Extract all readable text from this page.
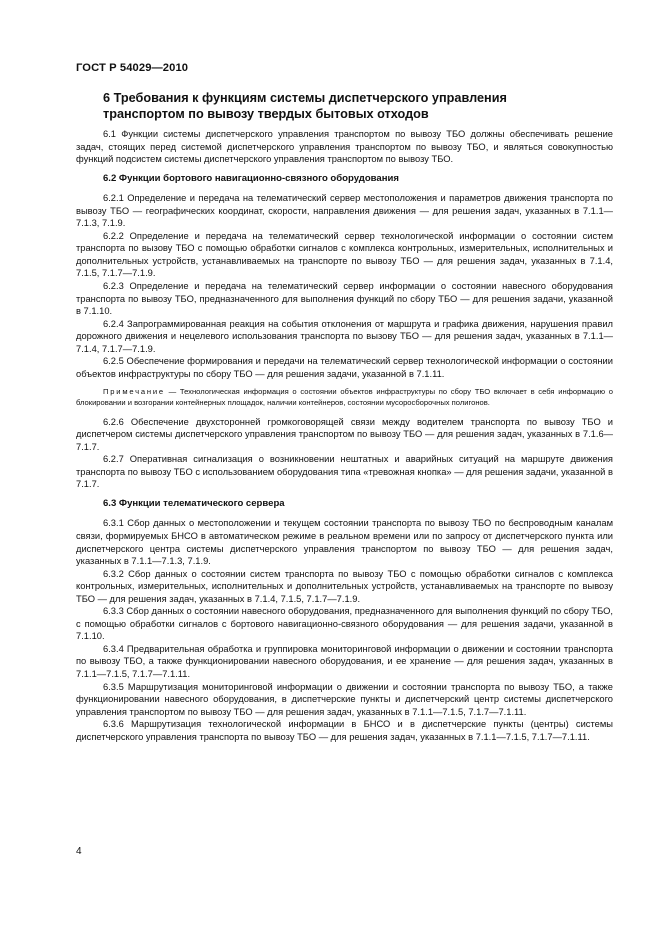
ГОСТ Р 54029—2010
6 Требования к функциям системы диспетчерского управления транспортом по вывозу твердых бытовых отходов

6.1 Функции системы диспетчерского управления транспортом по вывозу ТБО должны обеспечивать решение задач, стоящих перед системой диспетчерского управления транспортом по вывозу ТБО, и являться совокупностью функций подсистем системы диспетчерского управления транспортом по вывозу ТБО.

6.2 Функции бортового навигационно-связного оборудования

6.2.1 Определение и передача на телематический сервер местоположения и параметров движения транспорта по вывозу ТБО — географических координат, скорости, направления движения — для решения задач, указанных в 7.1.1—7.1.3, 7.1.9.

6.2.2 Определение и передача на телематический сервер технологической информации о состоянии систем транспорта по вызову ТБО с помощью обработки сигналов с комплекса контрольных, измерительных, исполнительных и дополнительных устройств, устанавливаемых на транспорте по вывозу ТБО — для решения задач, указанных в 7.1.4, 7.1.5, 7.1.7—7.1.9.

6.2.3 Определение и передача на телематический сервер информации о состоянии навесного оборудования транспорта по вывозу ТБО, предназначенного для выполнения функций по сбору ТБО — для решения задачи, указанной в 7.1.10.

6.2.4 Запрограммированная реакция на события отклонения от маршрута и графика движения, нарушения правил дорожного движения и нецелевого использования транспорта по вызову ТБО — для решения задач, указанных в 7.1.1—7.1.4, 7.1.7—7.1.9.

6.2.5 Обеспечение формирования и передачи на телематический сервер технологической информации о состоянии объектов инфраструктуры по сбору ТБО — для решения задачи, указанной в 7.1.11.

Примечание — Технологическая информация о состоянии объектов инфраструктуры по сбору ТБО включает в себя информацию о блокировании и возгорании контейнерных площадок, наличии контейнеров, состоянии мусоросборочных полигонов.

6.2.6 Обеспечение двухсторонней громкоговорящей связи между водителем транспорта по вывозу ТБО и диспетчером системы диспетчерского управления транспортом по вывозу ТБО — для решения задач, указанных в 7.1.6—7.1.7.

6.2.7 Оперативная сигнализация о возникновении нештатных и аварийных ситуаций на маршруте движения транспорта по вывозу ТБО с использованием оборудования типа «тревожная кнопка» — для решения задачи, указанной в 7.1.7.

6.3 Функции телематического сервера

6.3.1 Сбор данных о местоположении и текущем состоянии транспорта по вывозу ТБО по беспроводным каналам связи, формируемых БНСО в автоматическом режиме в реальном времени или по запросу от диспетчерского пункта или диспетчерского центра системы диспетчерского управления транспортом по вывозу ТБО — для решения задач, указанных в 7.1.1—7.1.3, 7.1.9.

6.3.2 Сбор данных о состоянии систем транспорта по вывозу ТБО с помощью обработки сигналов с комплекса контрольных, измерительных, исполнительных и дополнительных устройств, устанавливаемых на транспорте по вывозу ТБО — для решения задач, указанных в 7.1.4, 7.1.5, 7.1.7—7.1.9.

6.3.3 Сбор данных о состоянии навесного оборудования, предназначенного для выполнения функций по сбору ТБО, с помощью обработки сигналов с бортового навигационно-связного оборудования — для решения задачи, указанной в 7.1.10.

6.3.4 Предварительная обработка и группировка мониторинговой информации о движении и состоянии транспорта по вывозу ТБО, а также функционировании навесного оборудования, и ее хранение — для решения задач, указанных в 7.1.1—7.1.5, 7.1.7—7.1.11.

6.3.5 Маршрутизация мониторинговой информации о движении и состоянии транспорта по вывозу ТБО, а также функционировании навесного оборудования, в диспетчерские пункты и диспетчерский центр системы диспетчерского управления транспортом по вывозу ТБО — для решения задач, указанных в 7.1.1—7.1.5, 7.1.7—7.1.11.

6.3.6 Маршрутизация технологической информации в БНСО и в диспетчерские пункты (центры) системы диспетчерского управления транспорта по вывозу ТБО — для решения задач, указанных в 7.1.1—7.1.5, 7.1.7—7.1.11.

4
